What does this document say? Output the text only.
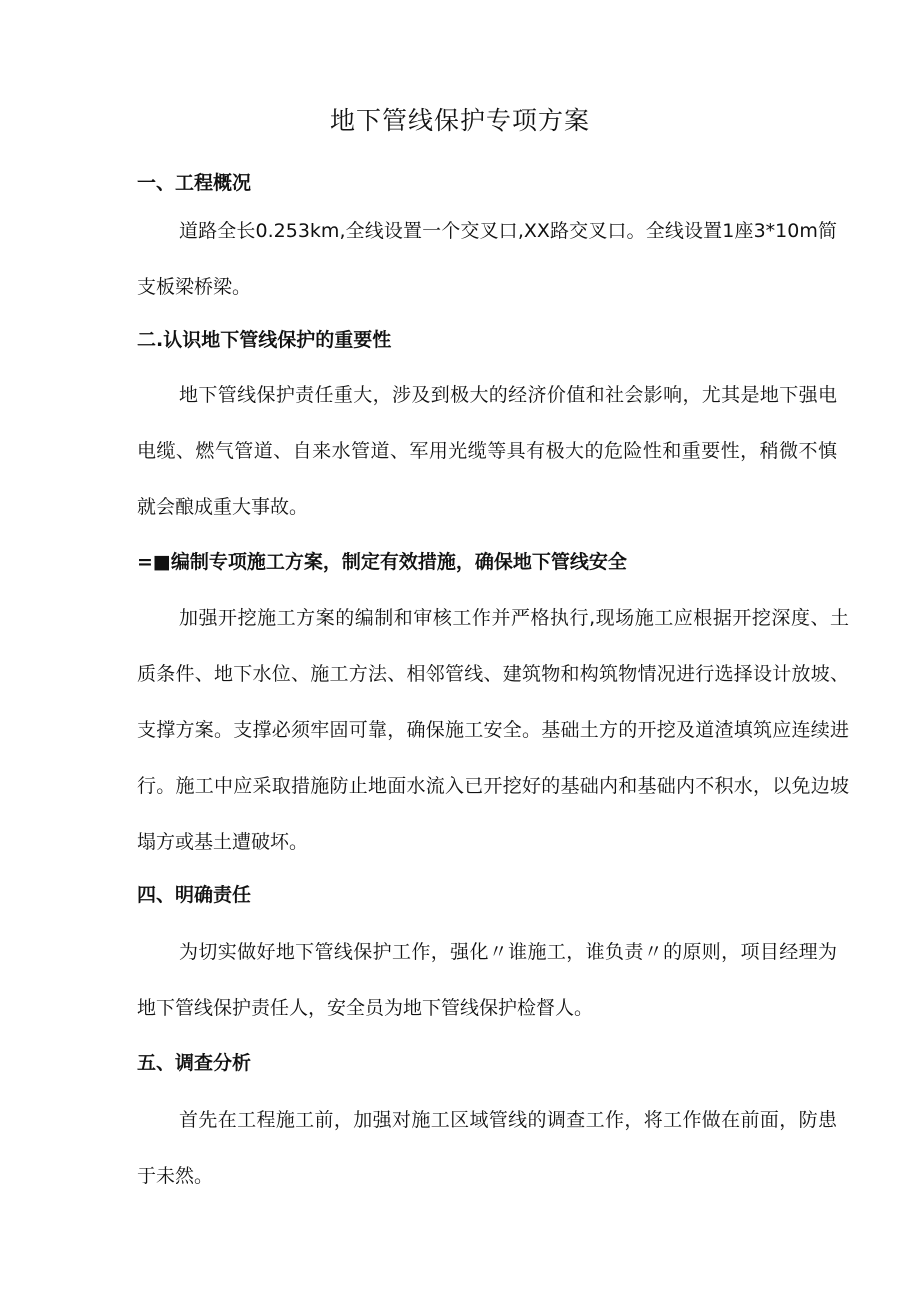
地下管线保护专项方案
一、工程概况

道路全长0.253km,全线设置一个交叉口,XX路交叉口。全线设置1座3*10m简支板梁桥梁。

二.认识地下管线保护的重要性

地下管线保护责任重大，涉及到极大的经济价值和社会影响，尤其是地下强电电缆、燃气管道、自来水管道、军用光缆等具有极大的危险性和重要性，稍微不慎就会酿成重大事故。

=■编制专项施工方案，制定有效措施，确保地下管线安全

加强开挖施工方案的编制和审核工作并严格执行,现场施工应根据开挖深度、土质条件、地下水位、施工方法、相邻管线、建筑物和构筑物情况进行选择设计放坡、支撑方案。支撑必须牢固可靠，确保施工安全。基础土方的开挖及道渣填筑应连续进行。施工中应采取措施防止地面水流入已开挖好的基础内和基础内不积水，以免边坡塌方或基土遭破坏。

四、明确责任

为切实做好地下管线保护工作，强化〃谁施工，谁负责〃的原则，项目经理为地下管线保护责任人，安全员为地下管线保护检督人。

五、调查分析

首先在工程施工前，加强对施工区域管线的调查工作，将工作做在前面，防患于未然。
